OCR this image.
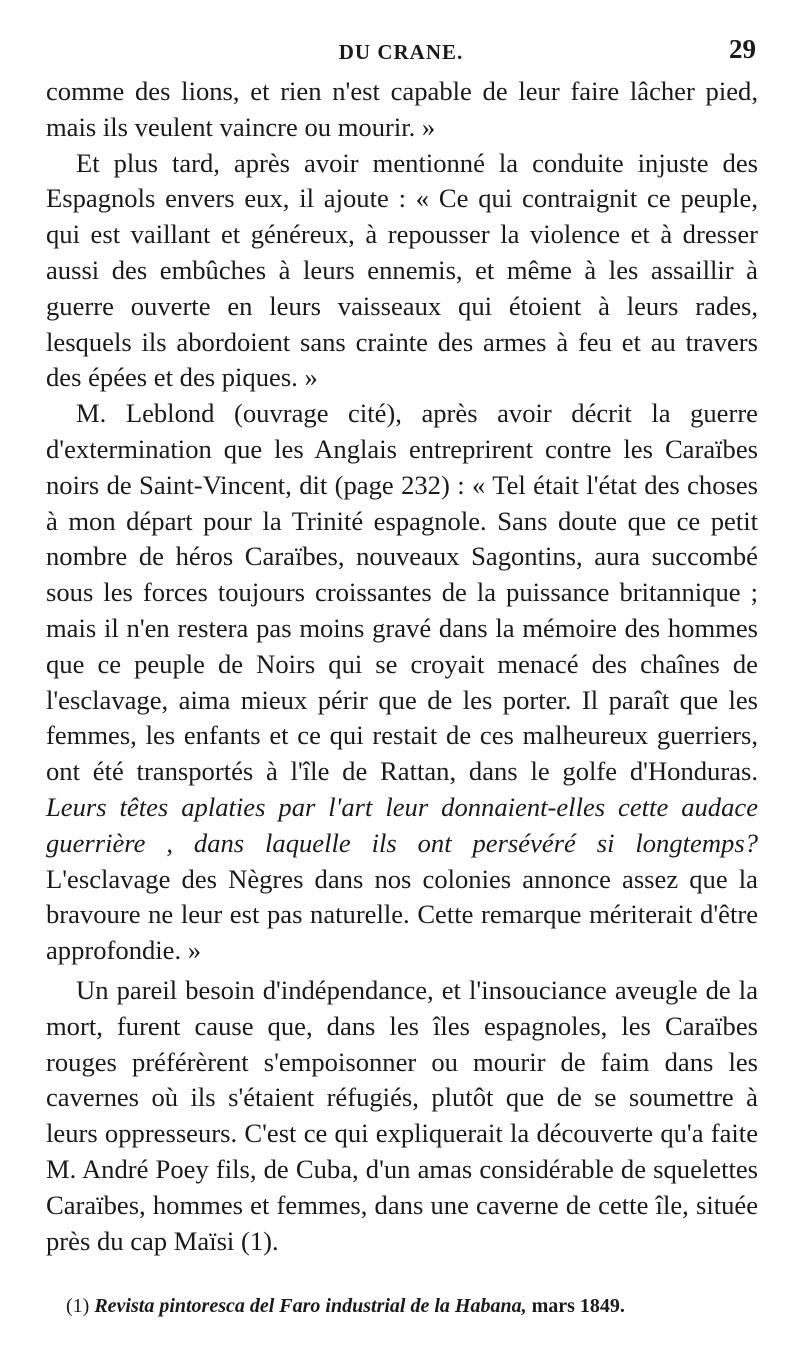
DU CRANE.	29

comme des lions, et rien n'est capable de leur faire lâcher pied, mais ils veulent vaincre ou mourir. »

Et plus tard, après avoir mentionné la conduite injuste des Espagnols envers eux, il ajoute : « Ce qui contraignit ce peuple, qui est vaillant et généreux, à repousser la violence et à dresser aussi des embûches à leurs ennemis, et même à les assaillir à guerre ouverte en leurs vaisseaux qui étoient à leurs rades, lesquels ils abordoient sans crainte des armes à feu et au travers des épées et des piques. »

M. Leblond (ouvrage cité), après avoir décrit la guerre d'extermination que les Anglais entreprirent contre les Caraïbes noirs de Saint-Vincent, dit (page 232) : « Tel était l'état des choses à mon départ pour la Trinité espagnole. Sans doute que ce petit nombre de héros Caraïbes, nouveaux Sagontins, aura succombé sous les forces toujours croissantes de la puissance britannique ; mais il n'en restera pas moins gravé dans la mémoire des hommes que ce peuple de Noirs qui se croyait menacé des chaînes de l'esclavage, aima mieux périr que de les porter. Il paraît que les femmes, les enfants et ce qui restait de ces malheureux guerriers, ont été transportés à l'île de Rattan, dans le golfe d'Honduras. Leurs têtes aplaties par l'art leur donnaient-elles cette audace guerrière , dans laquelle ils ont persévéré si longtemps? L'esclavage des Nègres dans nos colonies annonce assez que la bravoure ne leur est pas naturelle. Cette remarque mériterait d'être approfondie. »

Un pareil besoin d'indépendance, et l'insouciance aveugle de la mort, furent cause que, dans les îles espagnoles, les Caraïbes rouges préférèrent s'empoisonner ou mourir de faim dans les cavernes où ils s'étaient réfugiés, plutôt que de se soumettre à leurs oppresseurs. C'est ce qui expliquerait la découverte qu'a faite M. André Poey fils, de Cuba, d'un amas considérable de squelettes Caraïbes, hommes et femmes, dans une caverne de cette île, située près du cap Maïsi (1).

(1) Revista pintoresca del Faro industrial de la Habana, mars 1849.
